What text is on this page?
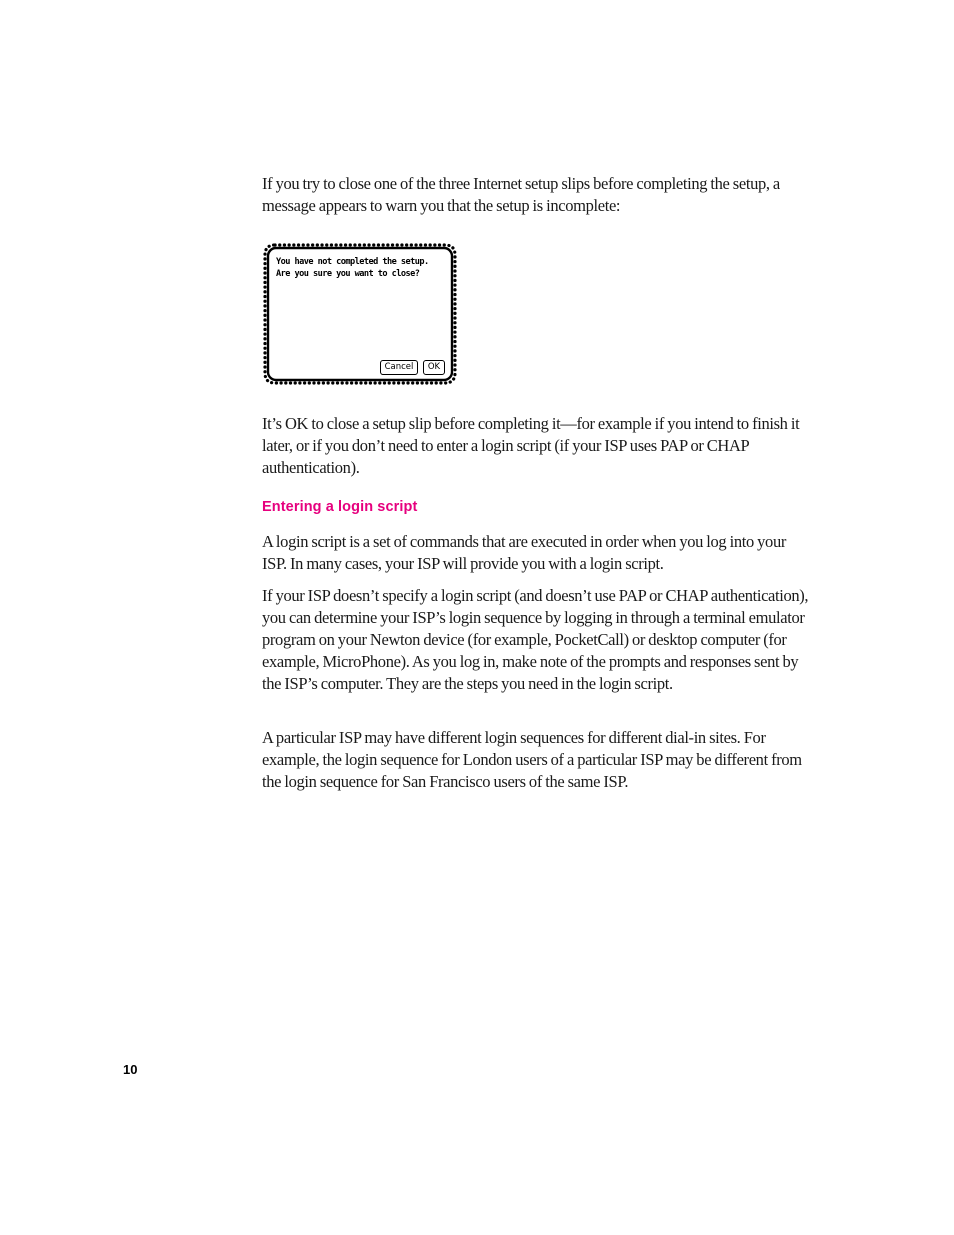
If you try to close one of the three Internet setup slips before completing the setup, a message appears to warn you that the setup is incomplete:

You have not completed the setup.
Are you sure you want to close?
Cancel	OK

It’s OK to close a setup slip before completing it—for example if you intend to finish it later, or if you don’t need to enter a login script (if your ISP uses PAP or CHAP authentication).

Entering a login script

A login script is a set of commands that are executed in order when you log into your ISP. In many cases, your ISP will provide you with a login script.

If your ISP doesn’t specify a login script (and doesn’t use PAP or CHAP authentication), you can determine your ISP’s login sequence by logging in through a terminal emulator program on your Newton device (for example, PocketCall) or desktop computer (for example, MicroPhone). As you log in, make note of the prompts and responses sent by the ISP’s computer. They are the steps you need in the login script.

A particular ISP may have different login sequences for different dial-in sites. For example, the login sequence for London users of a particular ISP may be different from the login sequence for San Francisco users of the same ISP.

10
